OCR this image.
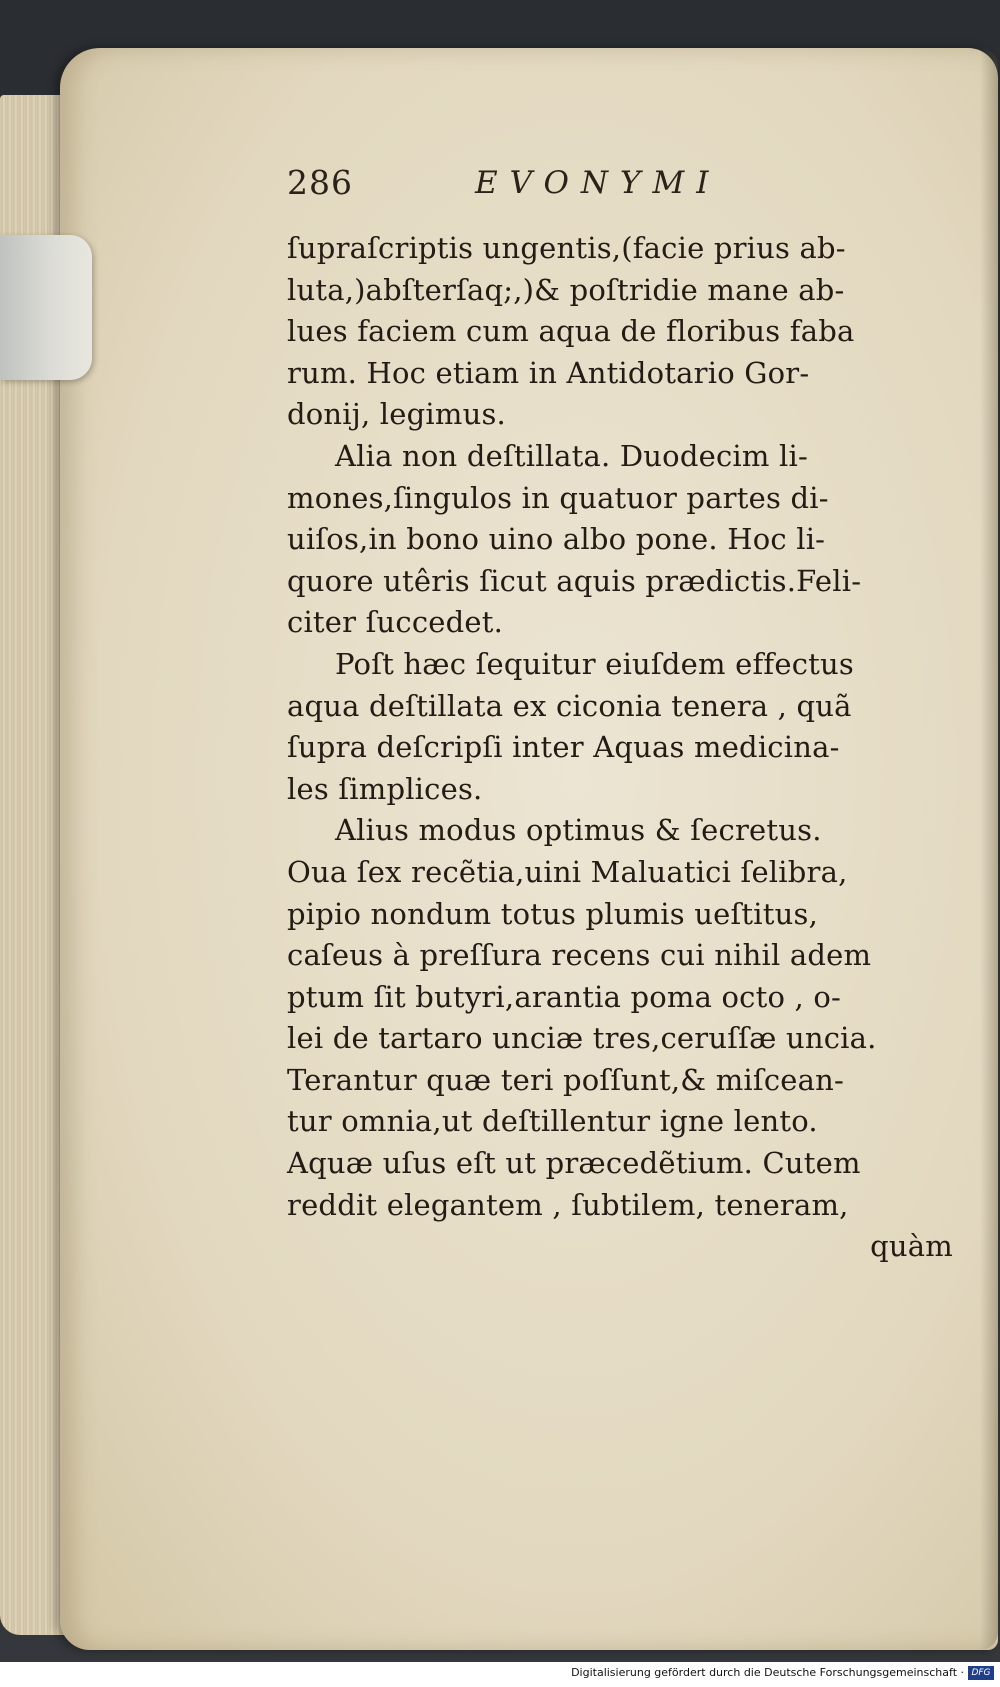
286	EVONYMI
ſupraſcriptis ungentis,(facie prius ab-
luta,)abſterſaq;,)& poſtridie mane ab-
lues faciem cum aqua de floribus faba
rum. Hoc etiam in Antidotario Gor-
donij, legimus.
Alia non deſtillata. Duodecim li-
mones,ſingulos in quatuor partes di-
uiſos,in bono uino albo pone. Hoc li-
quore utêris ſicut aquis prædictis.Feli-
citer ſuccedet.
Poſt hæc ſequitur eiuſdem effectus
aqua deſtillata ex ciconia tenera , quã
ſupra deſcripſi inter Aquas medicina-
les ſimplices.
Alius modus optimus & ſecretus.
Oua ſex recẽtia,uini Maluatici ſelibra,
pipio nondum totus plumis ueſtitus,
caſeus à preſſura recens cui nihil adem
ptum ſit butyri,arantia poma octo , o-
lei de tartaro unciæ tres,ceruſſæ uncia.
Terantur quæ teri poſſunt,& miſcean-
tur omnia,ut deſtillentur igne lento.
Aquæ uſus eſt ut præcedẽtium. Cutem
reddit elegantem , ſubtilem, teneram,
quàm
Digitalisierung gefördert durch die Deutsche Forschungsgemeinschaft · DFG
